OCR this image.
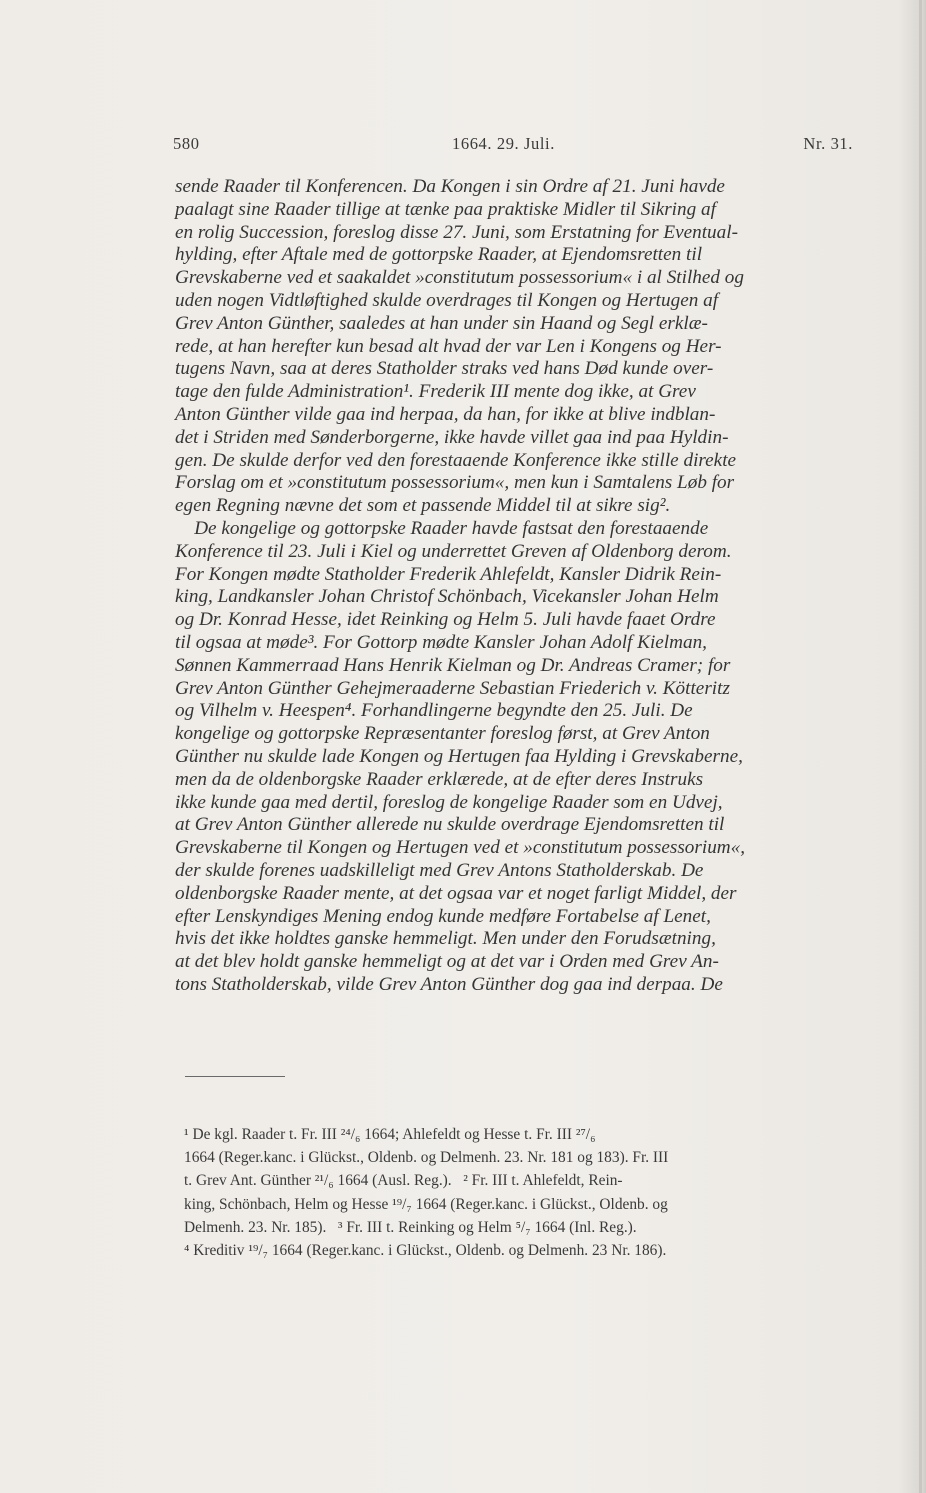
580	1664. 29. Juli.	Nr. 31.
sende Raader til Konferencen. Da Kongen i sin Ordre af 21. Juni havde
paalagt sine Raader tillige at tænke paa praktiske Midler til Sikring af
en rolig Succession, foreslog disse 27. Juni, som Erstatning for Eventual-
hylding, efter Aftale med de gottorpske Raader, at Ejendomsretten til
Grevskaberne ved et saakaldet »constitutum possessorium« i al Stilhed og
uden nogen Vidtløftighed skulde overdrages til Kongen og Hertugen af
Grev Anton Günther, saaledes at han under sin Haand og Segl erklæ-
rede, at han herefter kun besad alt hvad der var Len i Kongens og Her-
tugens Navn, saa at deres Statholder straks ved hans Død kunde over-
tage den fulde Administration¹. Frederik III mente dog ikke, at Grev
Anton Günther vilde gaa ind herpaa, da han, for ikke at blive indblan-
det i Striden med Sønderborgerne, ikke havde villet gaa ind paa Hyldin-
gen. De skulde derfor ved den forestaaende Konference ikke stille direkte
Forslag om et »constitutum possessorium«, men kun i Samtalens Løb for
egen Regning nævne det som et passende Middel til at sikre sig².
De kongelige og gottorpske Raader havde fastsat den forestaaende
Konference til 23. Juli i Kiel og underrettet Greven af Oldenborg derom.
For Kongen mødte Statholder Frederik Ahlefeldt, Kansler Didrik Rein-
king, Landkansler Johan Christof Schönbach, Vicekansler Johan Helm
og Dr. Konrad Hesse, idet Reinking og Helm 5. Juli havde faaet Ordre
til ogsaa at møde³. For Gottorp mødte Kansler Johan Adolf Kielman,
Sønnen Kammerraad Hans Henrik Kielman og Dr. Andreas Cramer; for
Grev Anton Günther Gehejmeraaderne Sebastian Friederich v. Kötteritz
og Vilhelm v. Heespen⁴. Forhandlingerne begyndte den 25. Juli. De
kongelige og gottorpske Repræsentanter foreslog først, at Grev Anton
Günther nu skulde lade Kongen og Hertugen faa Hylding i Grevskaberne,
men da de oldenborgske Raader erklærede, at de efter deres Instruks
ikke kunde gaa med dertil, foreslog de kongelige Raader som en Udvej,
at Grev Anton Günther allerede nu skulde overdrage Ejendomsretten til
Grevskaberne til Kongen og Hertugen ved et »constitutum possessorium«,
der skulde forenes uadskilleligt med Grev Antons Statholderskab. De
oldenborgske Raader mente, at det ogsaa var et noget farligt Middel, der
efter Lenskyndiges Mening endog kunde medføre Fortabelse af Lenet,
hvis det ikke holdtes ganske hemmeligt. Men under den Forudsætning,
at det blev holdt ganske hemmeligt og at det var i Orden med Grev An-
tons Statholderskab, vilde Grev Anton Günther dog gaa ind derpaa. De
¹ De kgl. Raader t. Fr. III ²⁴/₆ 1664; Ahlefeldt og Hesse t. Fr. III ²⁷/₆
1664 (Reger.kanc. i Glückst., Oldenb. og Delmenh. 23. Nr. 181 og 183). Fr. III
t. Grev Ant. Günther ²¹/₆ 1664 (Ausl. Reg.).   ² Fr. III t. Ahlefeldt, Rein-
king, Schönbach, Helm og Hesse ¹⁹/₇ 1664 (Reger.kanc. i Glückst., Oldenb. og
Delmenh. 23. Nr. 185).   ³ Fr. III t. Reinking og Helm ⁵/₇ 1664 (Inl. Reg.).
⁴ Kreditiv ¹⁹/₇ 1664 (Reger.kanc. i Glückst., Oldenb. og Delmenh. 23 Nr. 186).
